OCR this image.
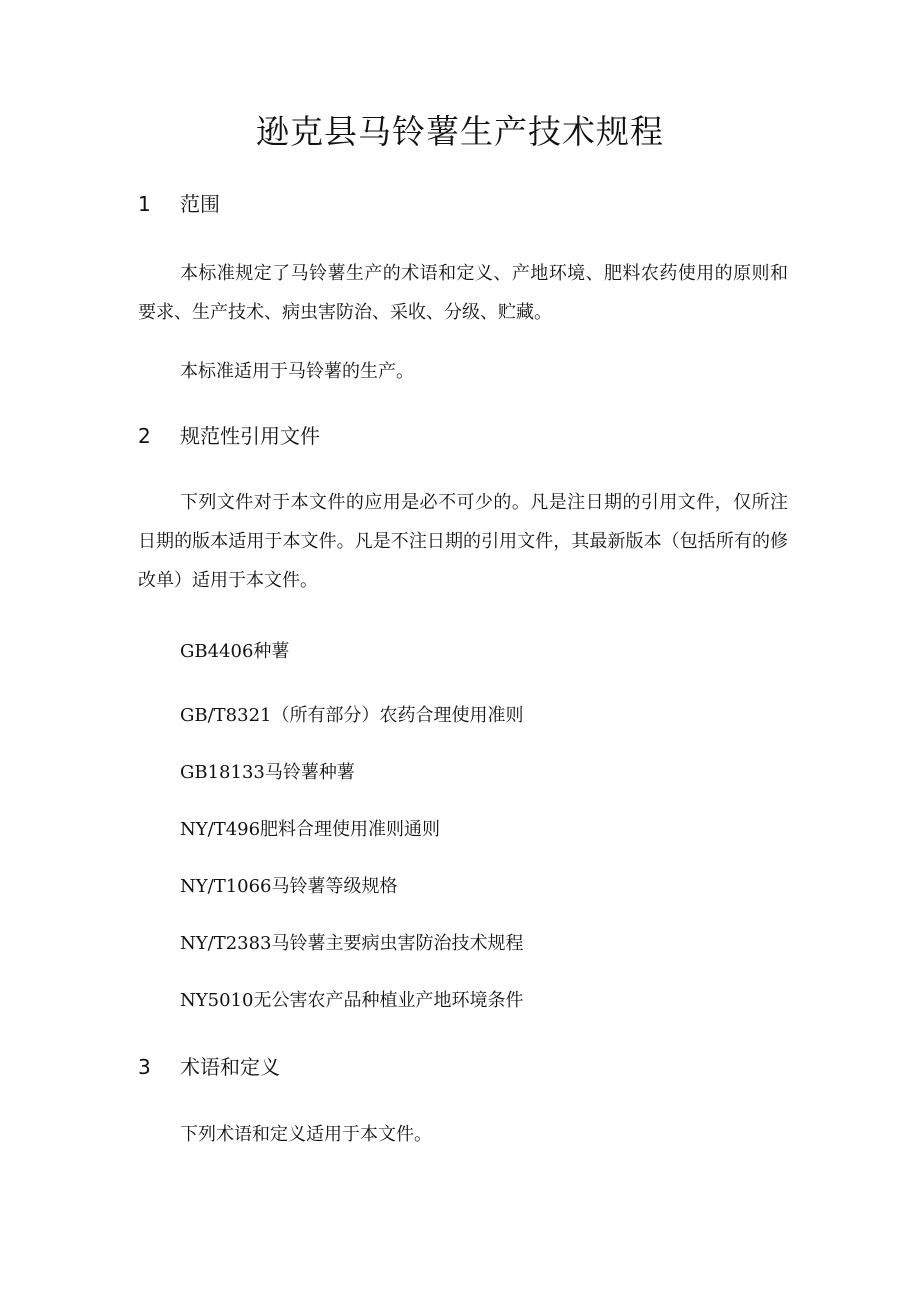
逊克县马铃薯生产技术规程
1 范围
本标准规定了马铃薯生产的术语和定义、产地环境、肥料农药使用的原则和要求、生产技术、病虫害防治、采收、分级、贮藏。
本标准适用于马铃薯的生产。
2 规范性引用文件
下列文件对于本文件的应用是必不可少的。凡是注日期的引用文件，仅所注日期的版本适用于本文件。凡是不注日期的引用文件，其最新版本（包括所有的修改单）适用于本文件。
GB4406种薯
GB/T8321（所有部分）农药合理使用准则
GB18133马铃薯种薯
NY/T496肥料合理使用准则通则
NY/T1066马铃薯等级规格
NY/T2383马铃薯主要病虫害防治技术规程
NY5010无公害农产品种植业产地环境条件
3 术语和定义
下列术语和定义适用于本文件。
